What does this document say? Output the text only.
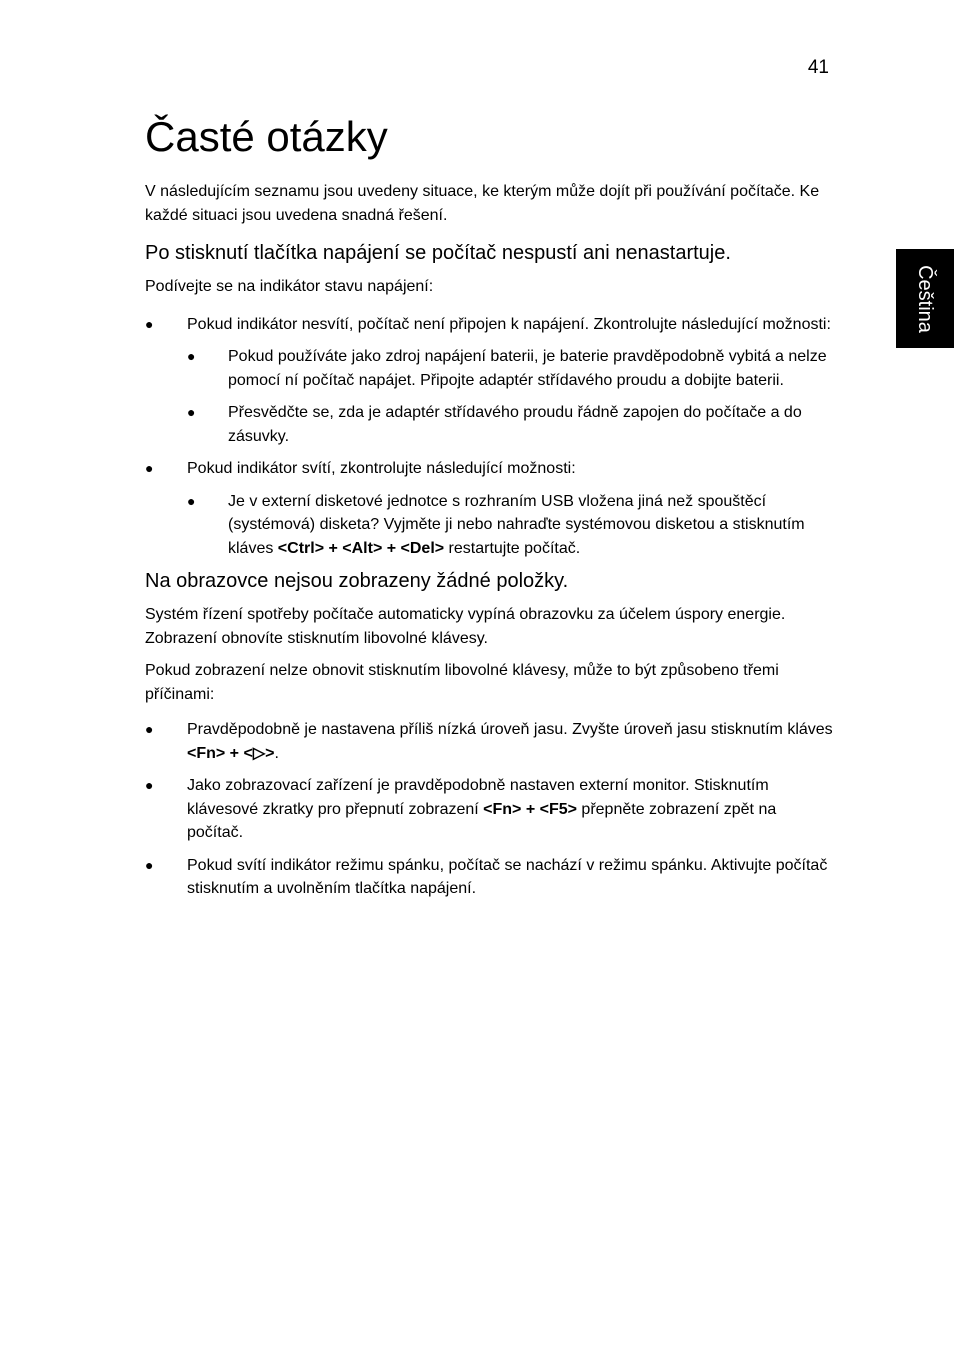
41
Čeština
Časté otázky

V následujícím seznamu jsou uvedeny situace, ke kterým může dojít při používání počítače. Ke každé situaci jsou uvedena snadná řešení.

Po stisknutí tlačítka napájení se počítač nespustí ani nenastartuje.

Podívejte se na indikátor stavu napájení:

● Pokud indikátor nesvítí, počítač není připojen k napájení. Zkontrolujte následující možnosti:
● Pokud používáte jako zdroj napájení baterii, je baterie pravděpodobně vybitá a nelze pomocí ní počítač napájet. Připojte adaptér střídavého proudu a dobijte baterii.
● Přesvědčte se, zda je adaptér střídavého proudu řádně zapojen do počítače a do zásuvky.
● Pokud indikátor svítí, zkontrolujte následující možnosti:
● Je v externí disketové jednotce s rozhraním USB vložena jiná než spouštěcí (systémová) disketa? Vyjměte ji nebo nahraďte systémovou disketou a stisknutím kláves <Ctrl> + <Alt> + <Del> restartujte počítač.
Na obrazovce nejsou zobrazeny žádné položky.

Systém řízení spotřeby počítače automaticky vypíná obrazovku za účelem úspory energie. Zobrazení obnovíte stisknutím libovolné klávesy.

Pokud zobrazení nelze obnovit stisknutím libovolné klávesy, může to být způsobeno třemi příčinami:

● Pravděpodobně je nastavena příliš nízká úroveň jasu. Zvyšte úroveň jasu stisknutím kláves <Fn> + <▷>.
● Jako zobrazovací zařízení je pravděpodobně nastaven externí monitor. Stisknutím klávesové zkratky pro přepnutí zobrazení <Fn> + <F5> přepněte zobrazení zpět na počítač.
● Pokud svítí indikátor režimu spánku, počítač se nachází v režimu spánku. Aktivujte počítač stisknutím a uvolněním tlačítka napájení.
